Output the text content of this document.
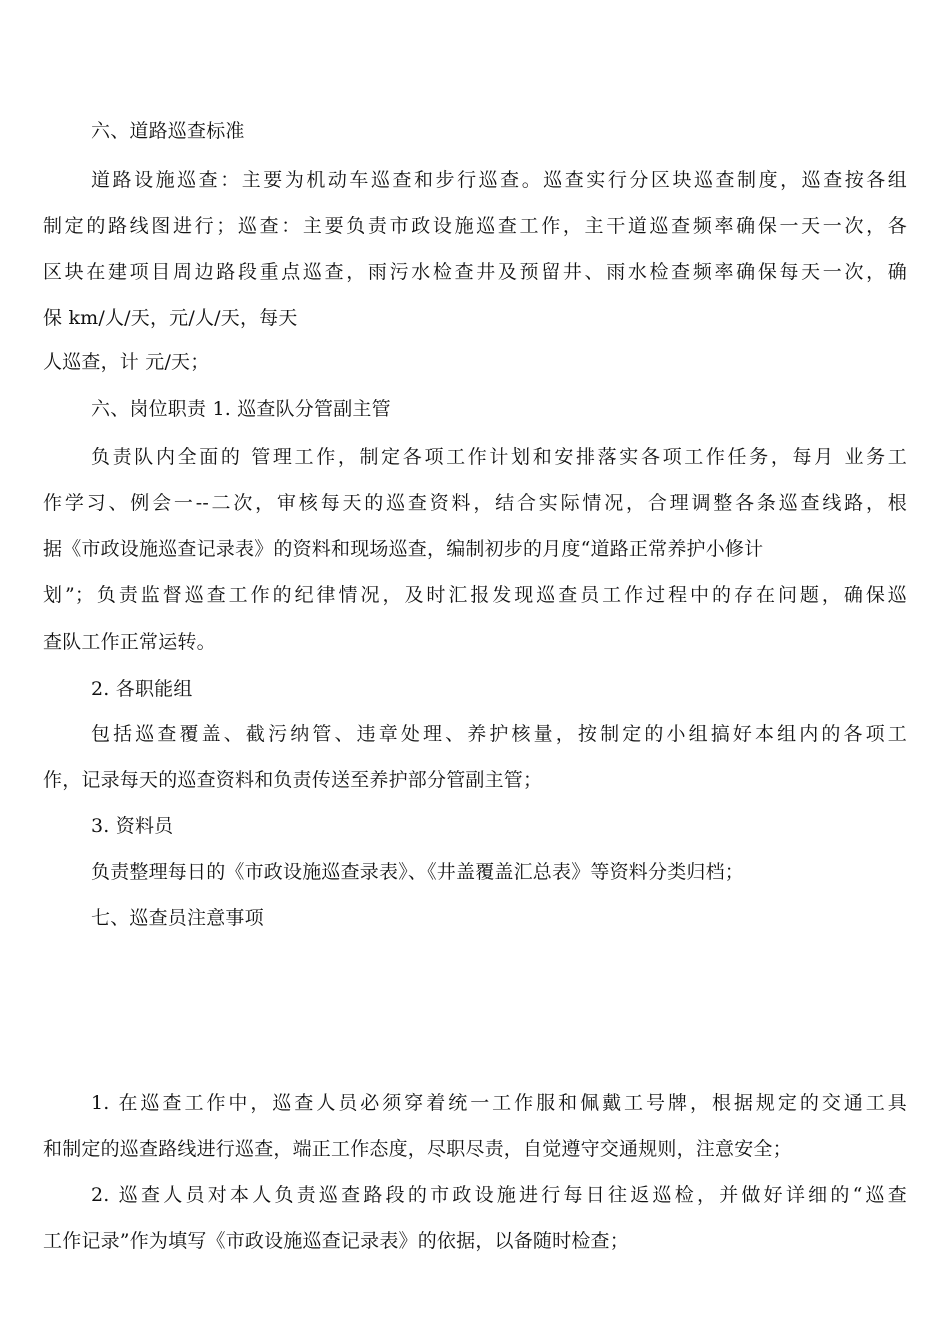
六、道路巡查标准
道路设施巡查：主要为机动车巡查和步行巡查。巡查实行分区块巡查制度，巡查按各组
制定的路线图进行；巡查：主要负责市政设施巡查工作，主干道巡查频率确保一天一次，各
区块在建项目周边路段重点巡查，雨污水检查井及预留井、雨水检查频率确保每天一次，确
保 km/人/天，元/人/天，每天
人巡查，计 元/天；
六、岗位职责 1. 巡查队分管副主管
负责队内全面的 管理工作，制定各项工作计划和安排落实各项工作任务，每月 业务工
作学习、例会一--二次，审核每天的巡查资料，结合实际情况，合理调整各条巡查线路，根
据《市政设施巡查记录表》的资料和现场巡查，编制初步的月度“道路正常养护小修计
划”；负责监督巡查工作的纪律情况，及时汇报发现巡查员工作过程中的存在问题，确保巡
查队工作正常运转。
2. 各职能组
包括巡查覆盖、截污纳管、违章处理、养护核量，按制定的小组搞好本组内的各项工
作，记录每天的巡查资料和负责传送至养护部分管副主管；
3. 资料员
负责整理每日的《市政设施巡查录表》、《井盖覆盖汇总表》等资料分类归档；
七、巡查员注意事项
1. 在巡查工作中，巡查人员必须穿着统一工作服和佩戴工号牌，根据规定的交通工具
和制定的巡查路线进行巡查，端正工作态度，尽职尽责，自觉遵守交通规则，注意安全；
2. 巡查人员对本人负责巡查路段的市政设施进行每日往返巡检，并做好详细的“巡查
工作记录”作为填写《市政设施巡查记录表》的依据，以备随时检查；
